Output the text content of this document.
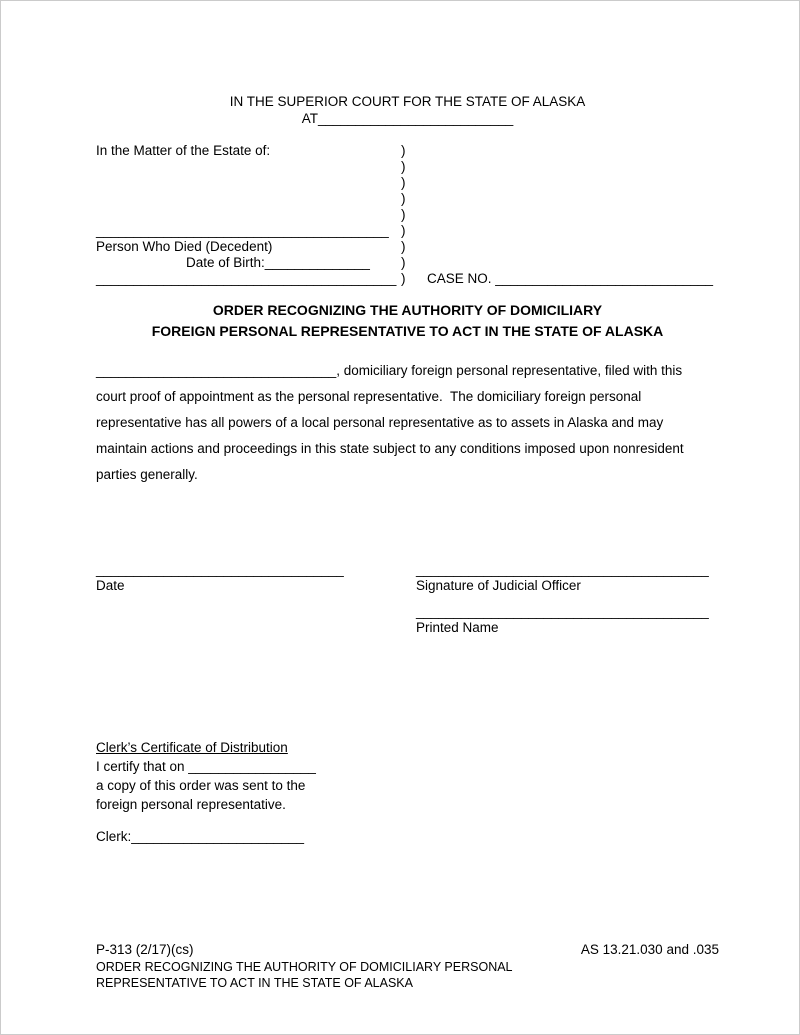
IN THE SUPERIOR COURT FOR THE STATE OF ALASKA
AT__________________________
In the Matter of the Estate of:	)
)
)
)
)
_______________________________________ )
Person Who Died (Decedent)	)
Date of Birth:______________	)
________________________________________ )	CASE NO. _____________________________
ORDER RECOGNIZING THE AUTHORITY OF DOMICILIARY
FOREIGN PERSONAL REPRESENTATIVE TO ACT IN THE STATE OF ALASKA
________________________________, domiciliary foreign personal representative, filed with this
court proof of appointment as the personal representative.  The domiciliary foreign personal
representative has all powers of a local personal representative as to assets in Alaska and may
maintain actions and proceedings in this state subject to any conditions imposed upon nonresident
parties generally.
_________________________________	_______________________________________
Date	Signature of Judicial Officer
_______________________________________
Printed Name
Clerk’s Certificate of Distribution
I certify that on _________________
a copy of this order was sent to the
foreign personal representative.
Clerk:_______________________
P-313 (2/17)(cs)	AS 13.21.030 and .035
ORDER RECOGNIZING THE AUTHORITY OF DOMICILIARY PERSONAL
REPRESENTATIVE TO ACT IN THE STATE OF ALASKA
